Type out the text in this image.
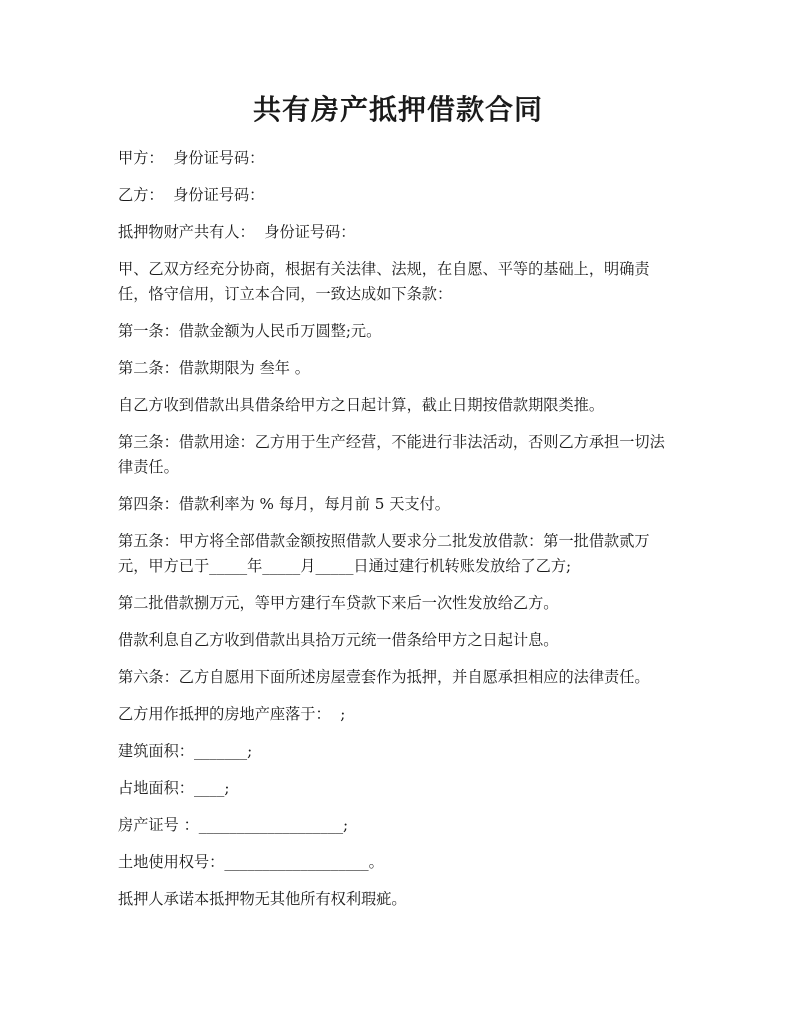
共有房产抵押借款合同

甲方：  身份证号码：

乙方：  身份证号码：

抵押物财产共有人：  身份证号码：

甲、乙双方经充分协商，根据有关法律、法规，在自愿、平等的基础上，明确责任，恪守信用，订立本合同，一致达成如下条款：

第一条：借款金额为人民币万圆整;元。

第二条：借款期限为 叁年 。

自乙方收到借款出具借条给甲方之日起计算，截止日期按借款期限类推。

第三条：借款用途：乙方用于生产经营，不能进行非法活动，否则乙方承担一切法律责任。

第四条：借款利率为 % 每月，每月前 5 天支付。

第五条：甲方将全部借款金额按照借款人要求分二批发放借款：第一批借款贰万元，甲方已于_____年_____月_____日通过建行机转账发放给了乙方;

第二批借款捌万元，等甲方建行车贷款下来后一次性发放给乙方。

借款利息自乙方收到借款出具拾万元统一借条给甲方之日起计息。

第六条：乙方自愿用下面所述房屋壹套作为抵押，并自愿承担相应的法律责任。

乙方用作抵押的房地产座落于：  ;

建筑面积：_______;

占地面积：____;

房产证号 ：___________________;

土地使用权号：___________________。

抵押人承诺本抵押物无其他所有权利瑕疵。
